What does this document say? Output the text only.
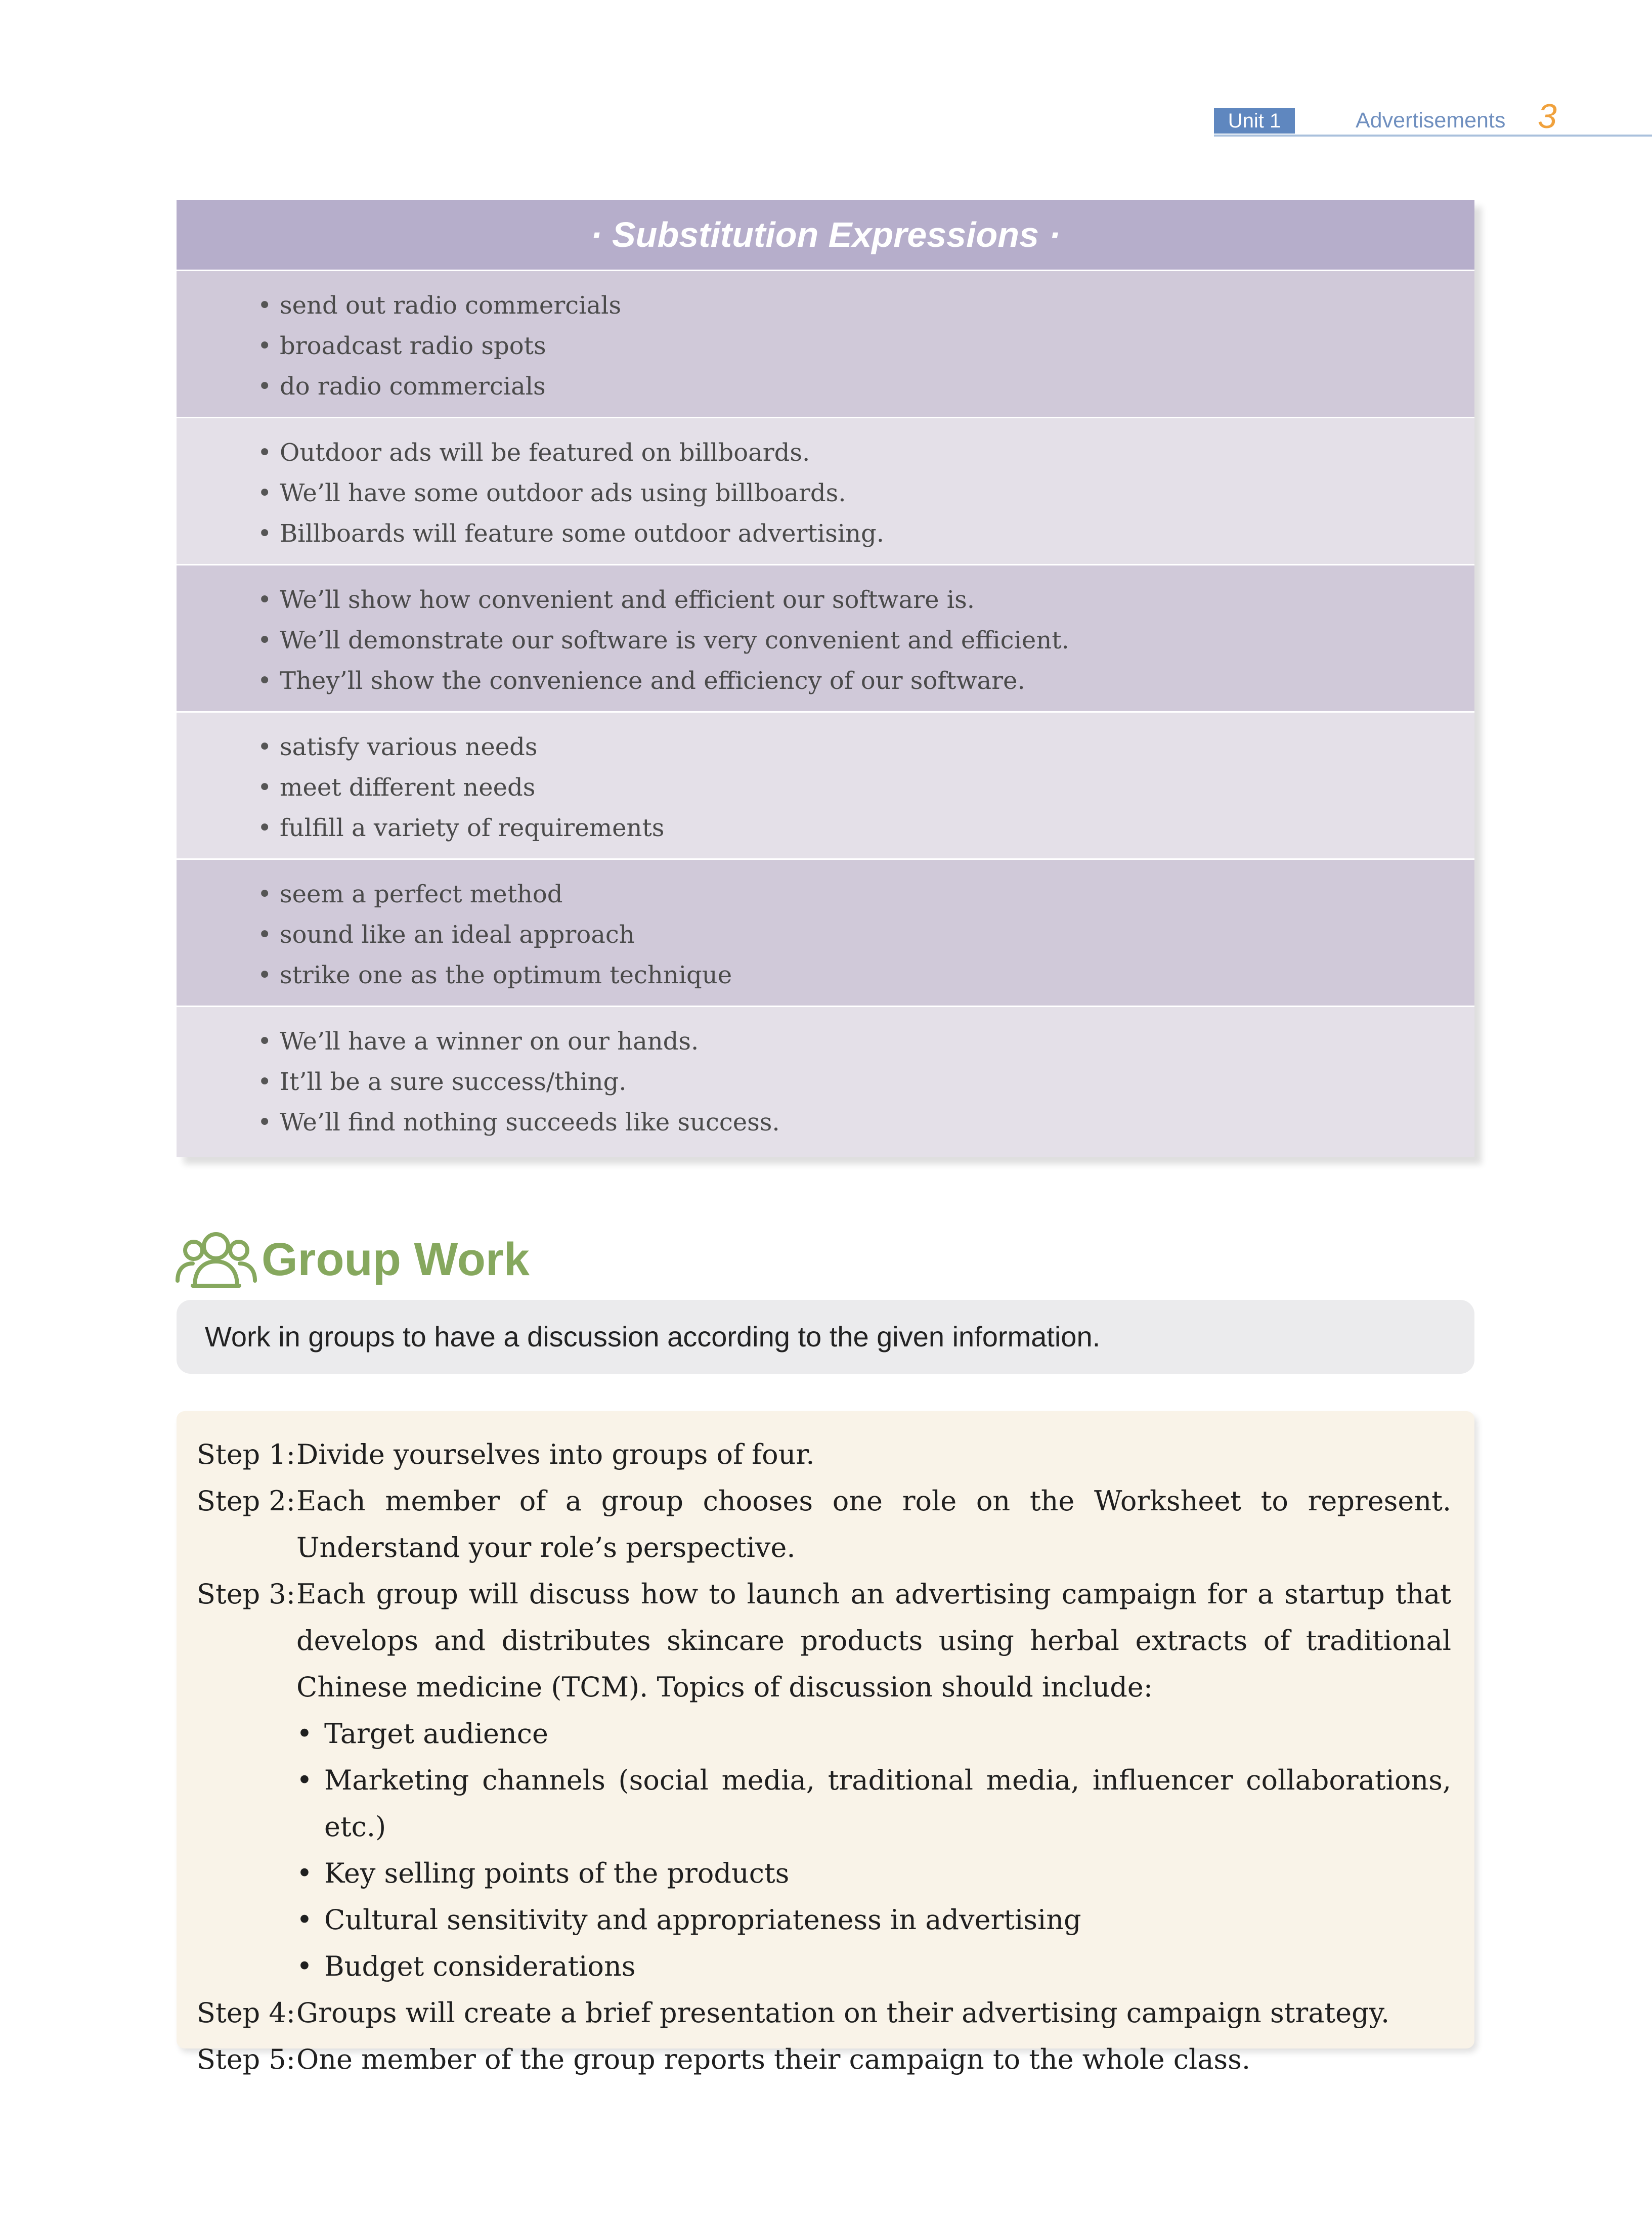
Unit 1	Advertisements 3
· Substitution Expressions ·
• send out radio commercials
• broadcast radio spots
• do radio commercials
• Outdoor ads will be featured on billboards.
• We’ll have some outdoor ads using billboards.
• Billboards will feature some outdoor advertising.
• We’ll show how convenient and efficient our software is.
• We’ll demonstrate our software is very convenient and efficient.
• They’ll show the convenience and efficiency of our software.
• satisfy various needs
• meet different needs
• fulfill a variety of requirements
• seem a perfect method
• sound like an ideal approach
• strike one as the optimum technique
• We’ll have a winner on our hands.
• It’ll be a sure success/thing.
• We’ll find nothing succeeds like success.
Group Work
Work in groups to have a discussion according to the given information.
Step 1: Divide yourselves into groups of four.

Step 2: Each member of a group chooses one role on the Worksheet to represent. Understand your role’s perspective.

Step 3: Each group will discuss how to launch an advertising campaign for a startup that develops and distributes skincare products using herbal extracts of traditional Chinese medicine (TCM). Topics of discussion should include:

• Target audience
• Marketing channels (social media, traditional media, influencer collaborations, etc.)
• Key selling points of the products
• Cultural sensitivity and appropriateness in advertising
• Budget considerations
Step 4: Groups will create a brief presentation on their advertising campaign strategy.

Step 5: One member of the group reports their campaign to the whole class.
